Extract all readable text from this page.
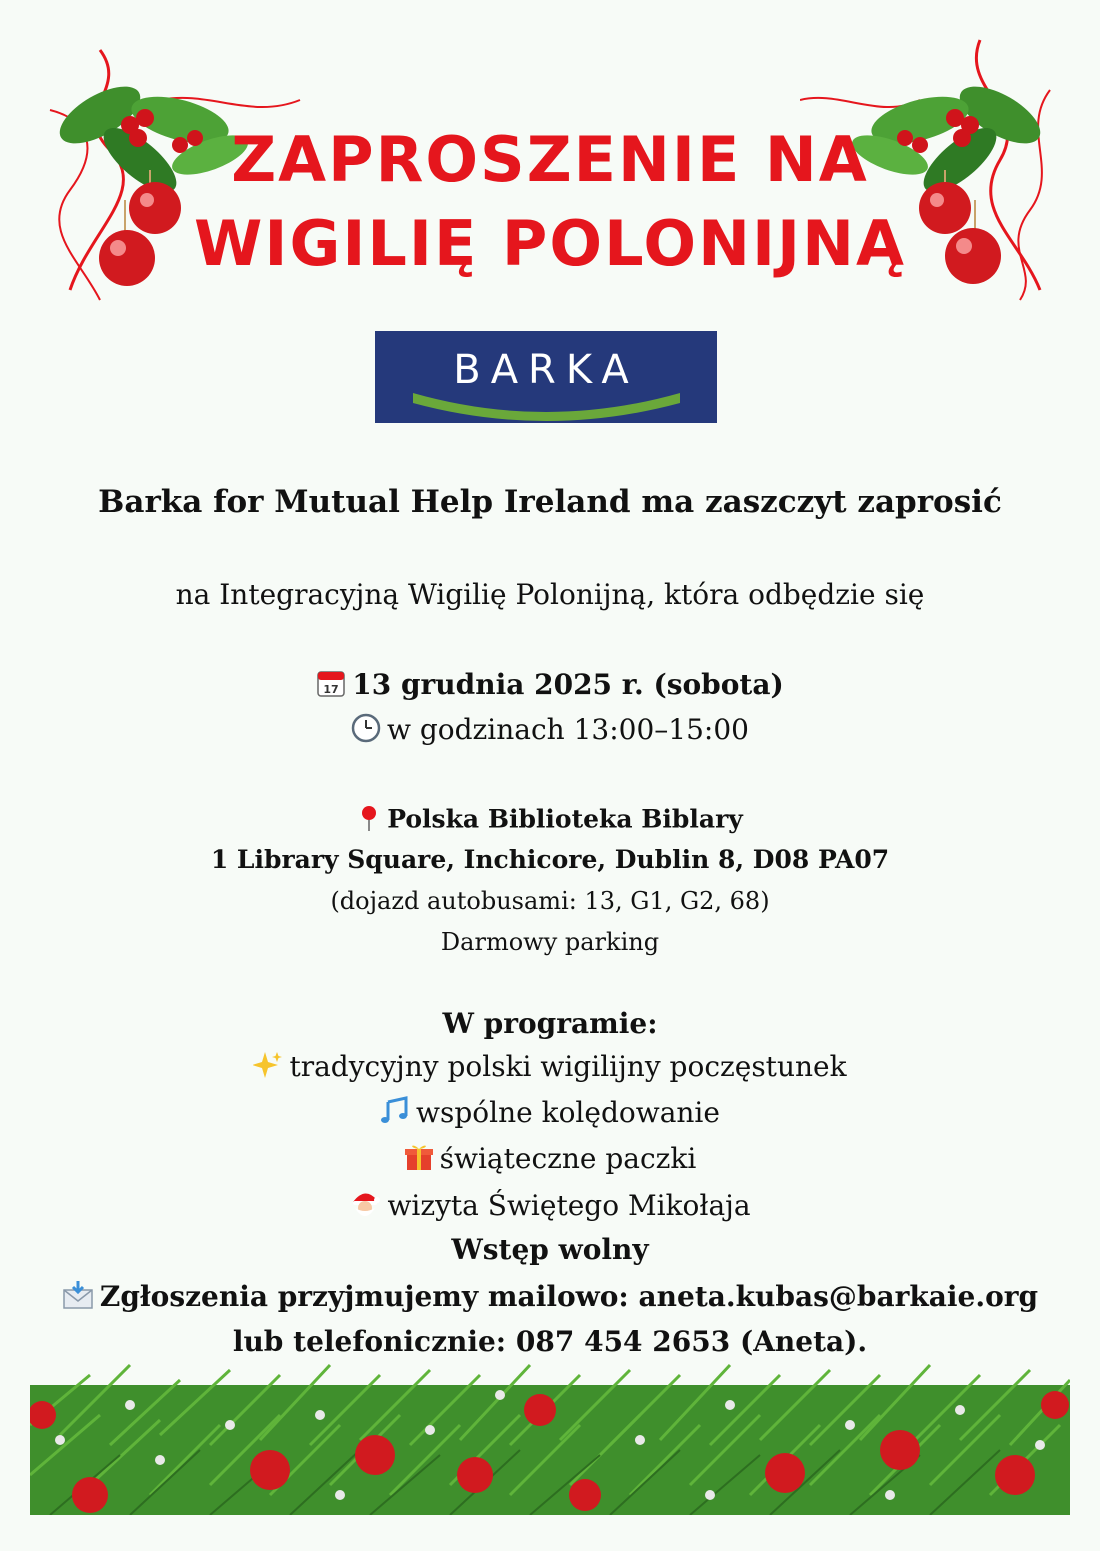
ZAPROSZENIE NA
WIGILIĘ POLONIJNĄ
BARKA
Barka for Mutual Help Ireland ma zaszczyt zaprosić
na Integracyjną Wigilię Polonijną, która odbędzie się
17 13 grudnia 2025 r. (sobota)
w godzinach 13:00–15:00
Polska Biblioteka Biblary
1 Library Square, Inchicore, Dublin 8, D08 PA07
(dojazd autobusami: 13, G1, G2, 68)
Darmowy parking
W programie:
tradycyjny polski wigilijny poczęstunek
wspólne kolędowanie
świąteczne paczki
wizyta Świętego Mikołaja
Wstęp wolny
Zgłoszenia przyjmujemy mailowo: aneta.kubas@barkaie.org
lub telefonicznie: 087 454 2653 (Aneta).
